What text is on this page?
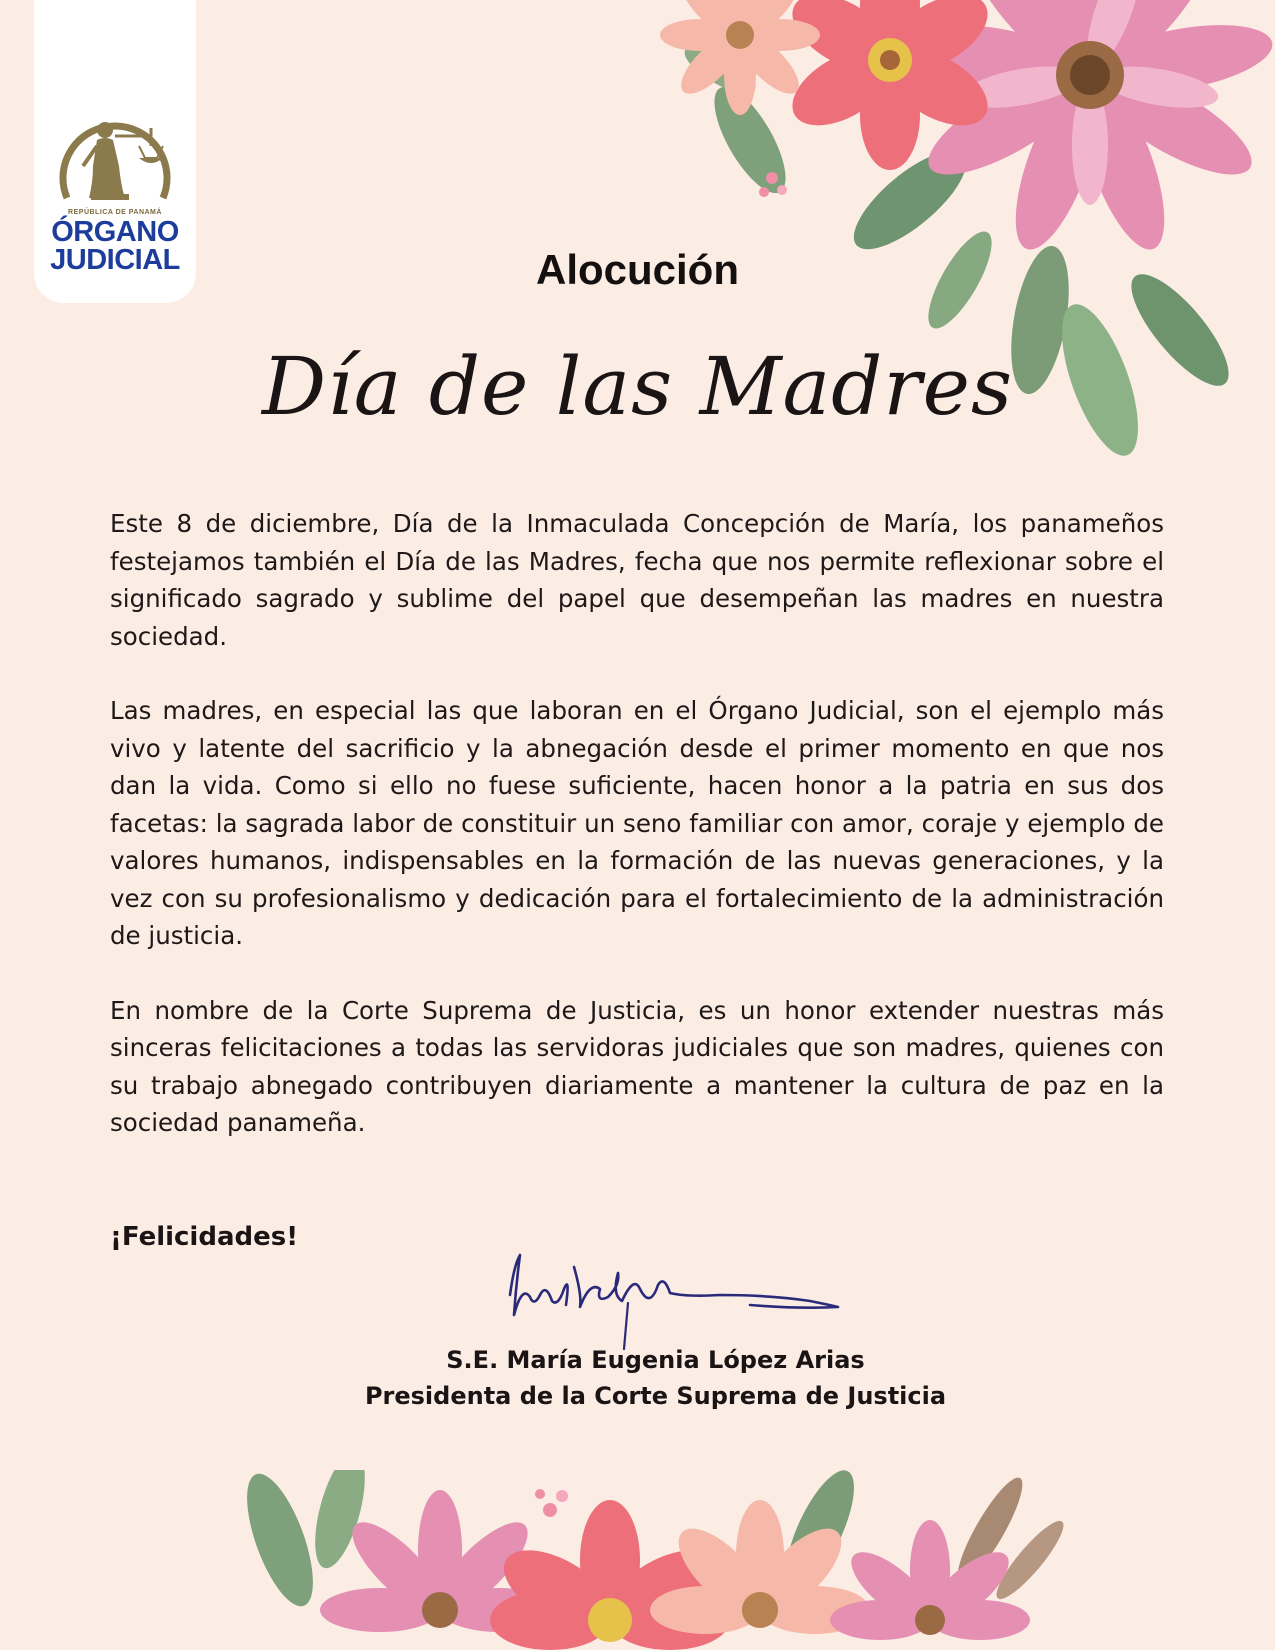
REPÚBLICA DE PANAMÁ
ÓRGANO
JUDICIAL	Alocución
Día de las Madres

Este 8 de diciembre, Día de la Inmaculada Concepción de María, los panameños festejamos también el Día de las Madres, fecha que nos permite reflexionar sobre el significado sagrado y sublime del papel que desempeñan las madres en nuestra sociedad.

Las madres, en especial las que laboran en el Órgano Judicial, son el ejemplo más vivo y latente del sacrificio y la abnegación desde el primer momento en que nos dan la vida. Como si ello no fuese suficiente, hacen honor a la patria en sus dos facetas: la sagrada labor de constituir un seno familiar con amor, coraje y ejemplo de valores humanos, indispensables en la formación de las nuevas generaciones, y la vez con su profesionalismo y dedicación para el fortalecimiento de la administración de justicia.

En nombre de la Corte Suprema de Justicia, es un honor extender nuestras más sinceras felicitaciones a todas las servidoras judiciales que son madres, quienes con su trabajo abnegado contribuyen diariamente a mantener la cultura de paz en la sociedad panameña.

¡Felicidades!
S.E. María Eugenia López Arias
Presidenta de la Corte Suprema de Justicia
